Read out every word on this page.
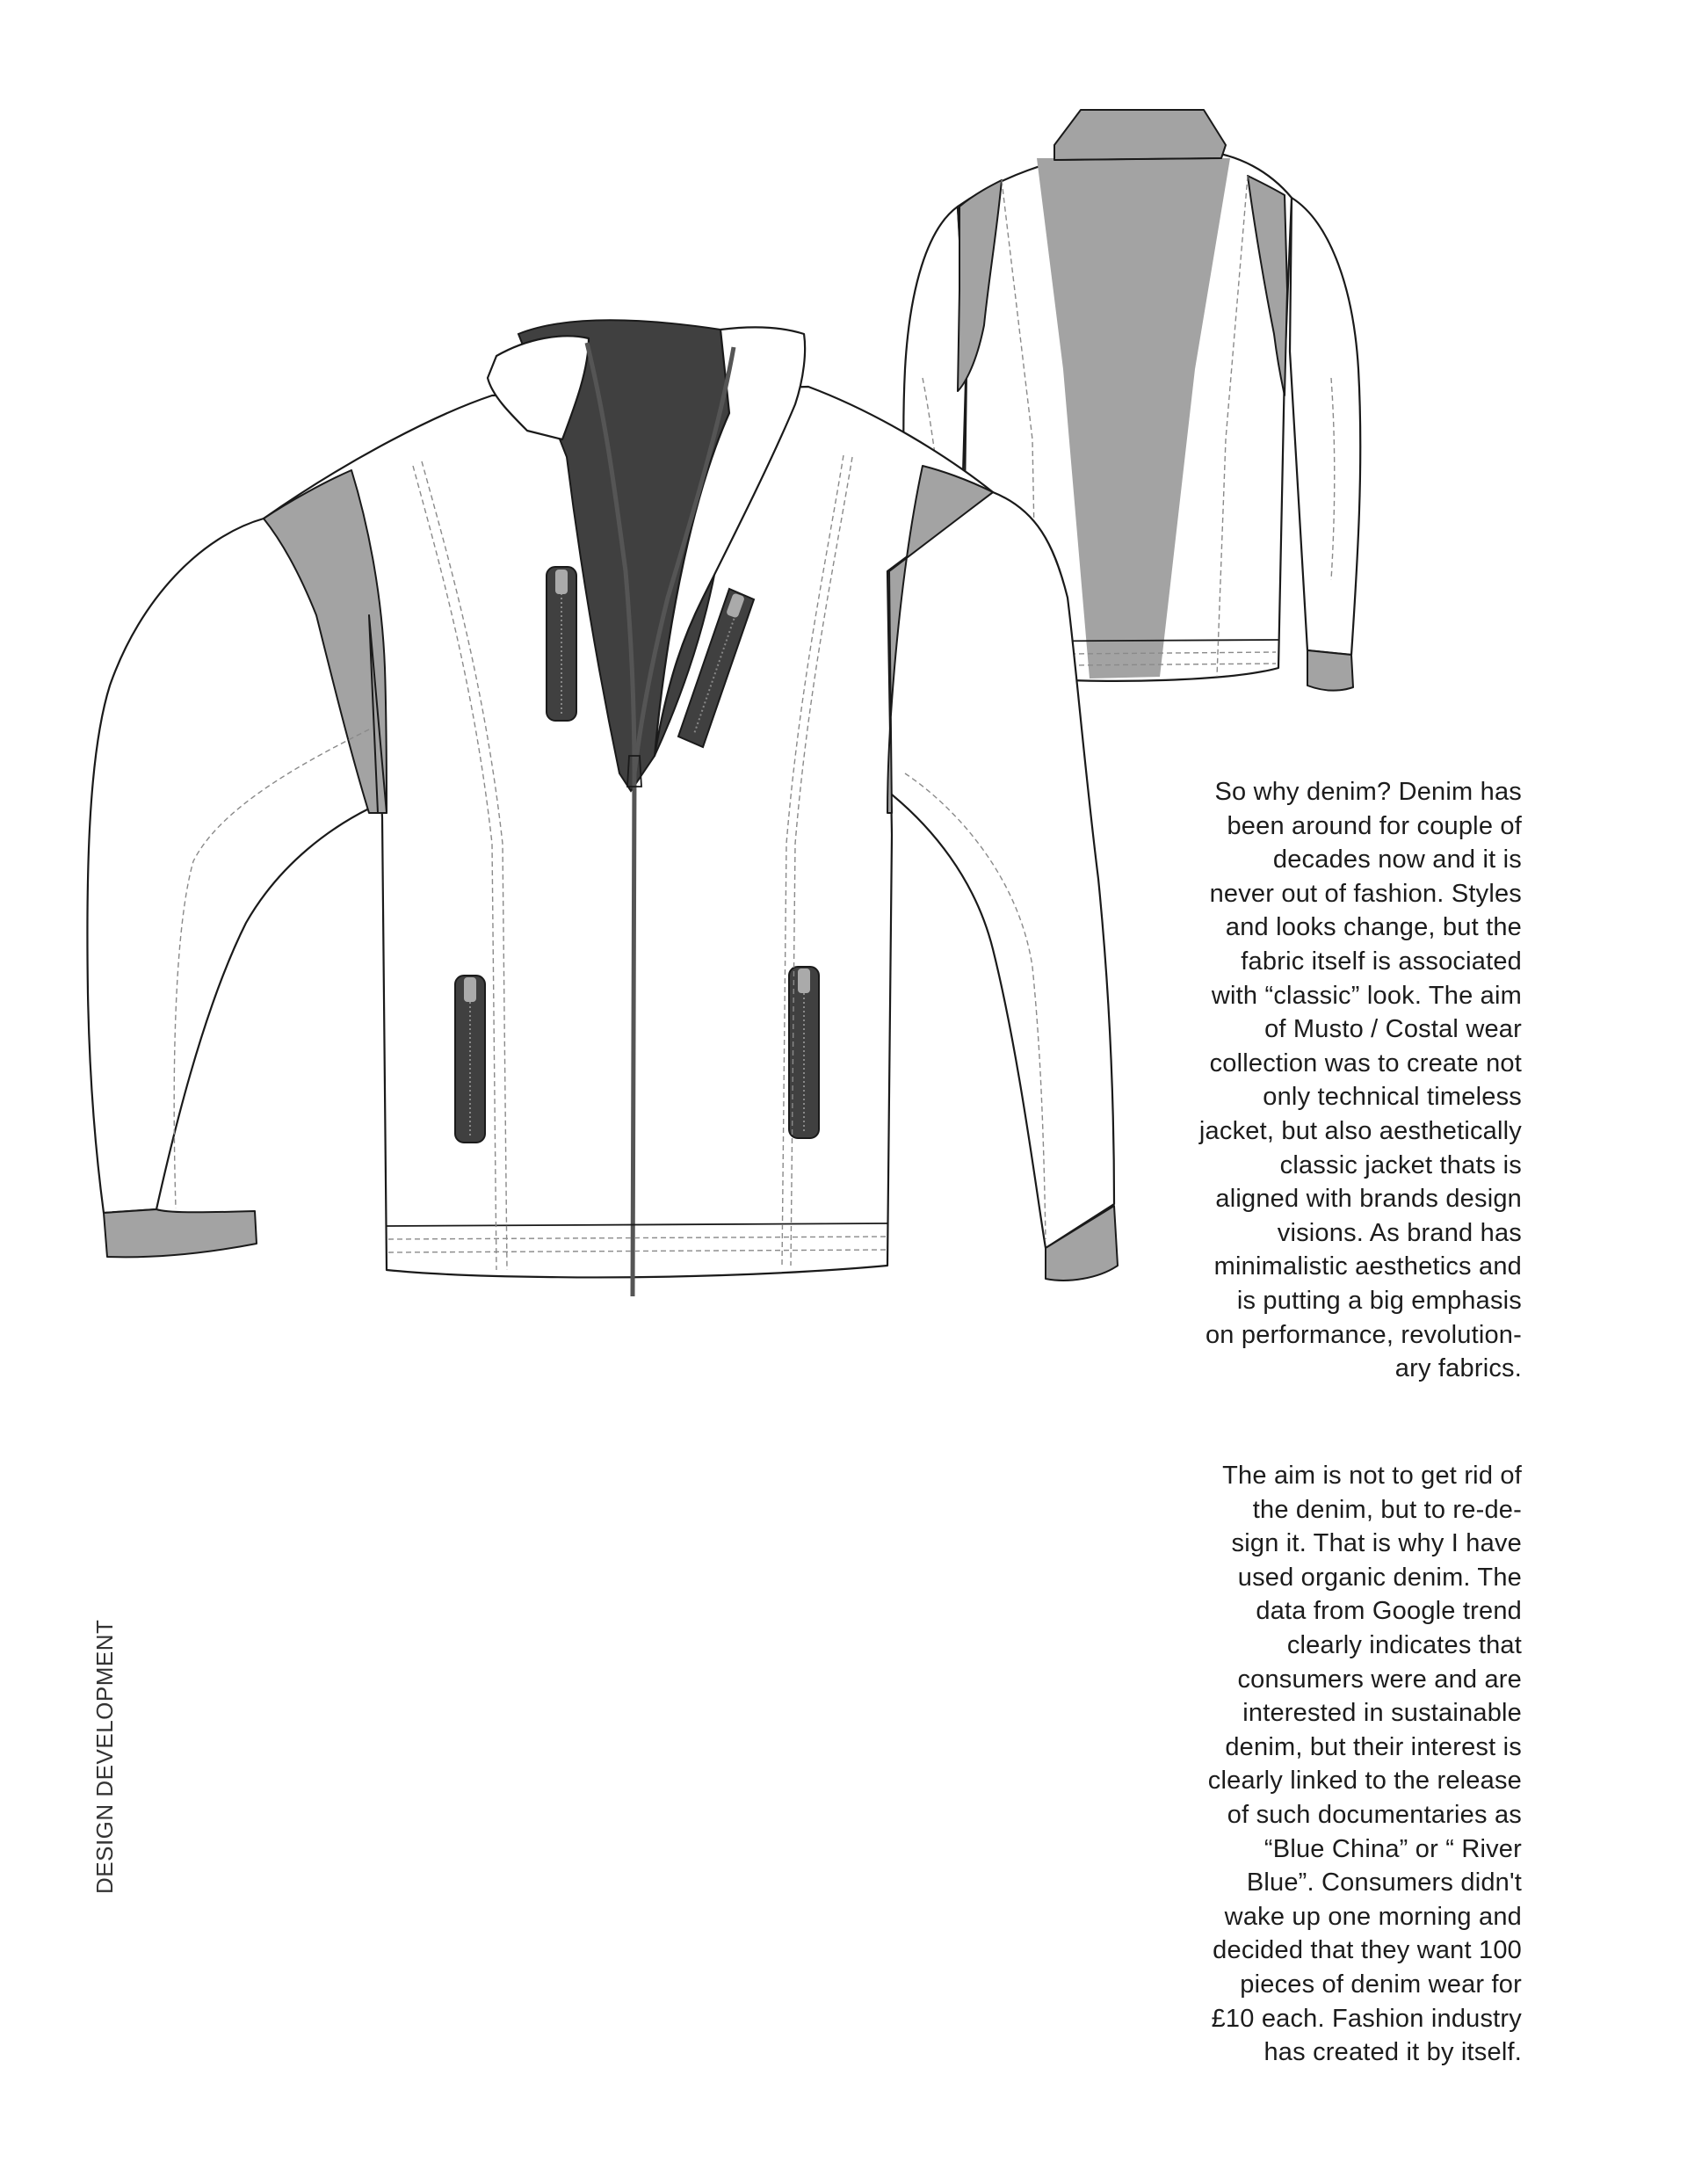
So why denim? Denim has
been around for couple of
decades now and it is
never out of fashion. Styles
and looks change, but the
fabric itself is associated
with “classic” look. The aim
of Musto / Costal wear
collection was to create not
only technical timeless
jacket, but also aesthetically
classic jacket thats is
aligned with brands design
visions. As brand has
minimalistic aesthetics and
is putting a big emphasis
on performance, revolution-
ary fabrics.
The aim is not to get rid of
the denim, but to re-de-
sign it. That is why I have
used organic denim. The
data from Google trend
clearly indicates that
consumers were and are
interested in sustainable
denim, but their interest is
clearly linked to the release
of such documentaries as
“Blue China” or “ River
Blue”. Consumers didn't
wake up one morning and
decided that they want 100
pieces of denim wear for
£10 each. Fashion industry
has created it by itself.
DESIGN DEVELOPMENT
